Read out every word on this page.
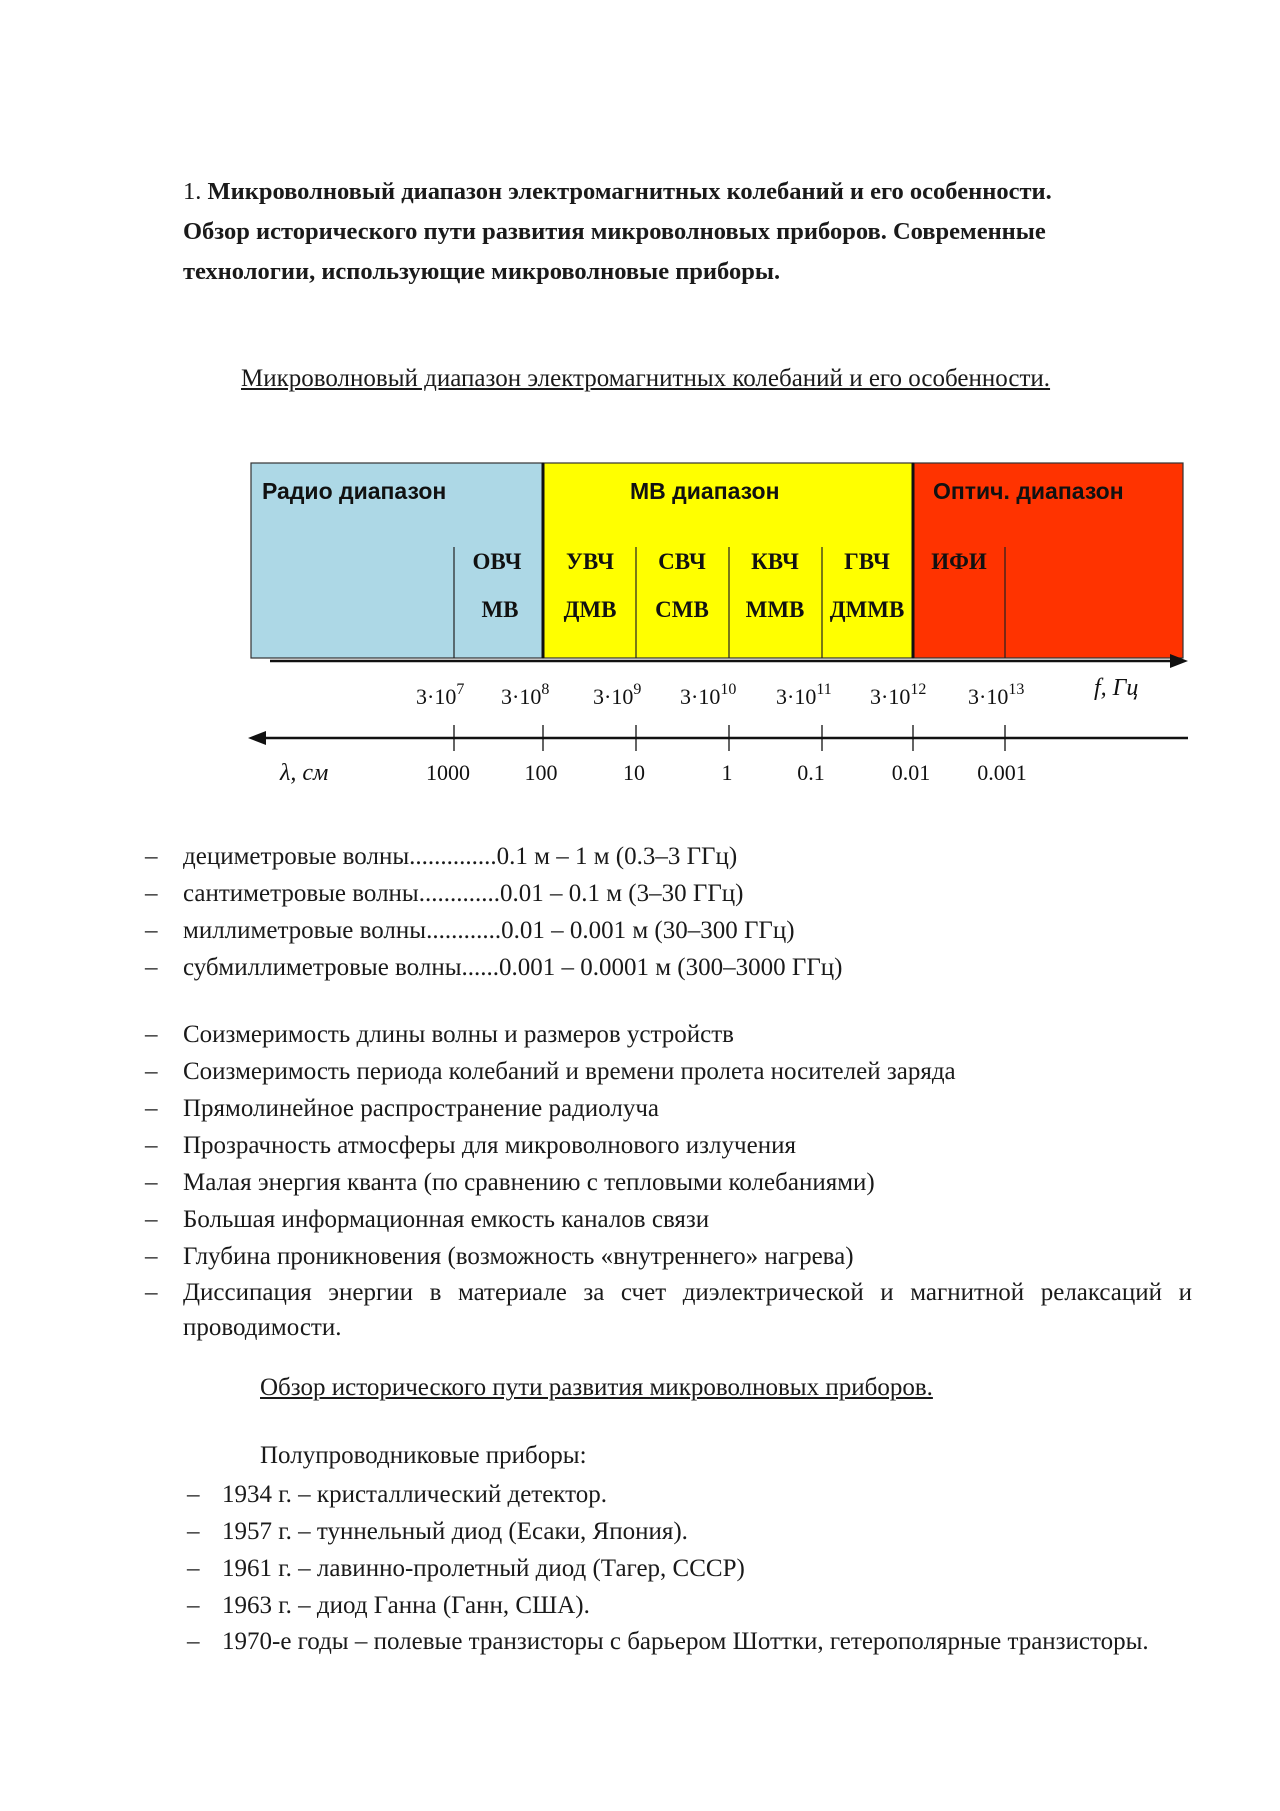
1. Микроволновый диапазон электромагнитных колебаний и его особенности. Обзор исторического пути развития микроволновых приборов. Современные технологии, использующие микроволновые приборы.
Микроволновый диапазон электромагнитных колебаний и его особенности.
Радио диапазон	МВ диапазон	Оптич. диапазон
ОВЧ
МВ
УВЧ
ДМВ
СВЧ
СМВ
КВЧ
ММВ
ГВЧ
ДММВ
ИФИ
$3\cdot 10^7$ $3\cdot 10^8$ $3\cdot 10^9$ $3\cdot 10^{10}$ $3\cdot 10^{11}$ $3\cdot 10^{12}$ $3\cdot 10^{13}$	f, Гц
1000 100	10	1	0.1	0.01 0.001
λ, см
– дециметровые волны..............0.1 м – 1 м (0.3–3 ГГц)
– сантиметровые волны.............0.01 – 0.1 м (3–30 ГГц)
– миллиметровые волны............0.01 – 0.001 м (30–300 ГГц)
– субмиллиметровые волны......0.001 – 0.0001 м (300–3000 ГГц)
– Соизмеримость длины волны и размеров устройств
– Соизмеримость периода колебаний и времени пролета носителей заряда
– Прямолинейное распространение радиолуча
– Прозрачность атмосферы для микроволнового излучения
– Малая энергия кванта (по сравнению с тепловыми колебаниями)
– Большая информационная емкость каналов связи
– Глубина проникновения (возможность «внутреннего» нагрева)
– Диссипация энергии в материале за счет диэлектрической и магнитной релаксаций и проводимости.
Обзор исторического пути развития микроволновых приборов.
Полупроводниковые приборы:
– 1934 г. – кристаллический детектор.
– 1957 г. – туннельный диод (Есаки, Япония).
– 1961 г. – лавинно-пролетный диод (Тагер, СССР)
– 1963 г. – диод Ганна (Ганн, США).
– 1970-е годы – полевые транзисторы с барьером Шоттки, гетерополярные транзисторы.
